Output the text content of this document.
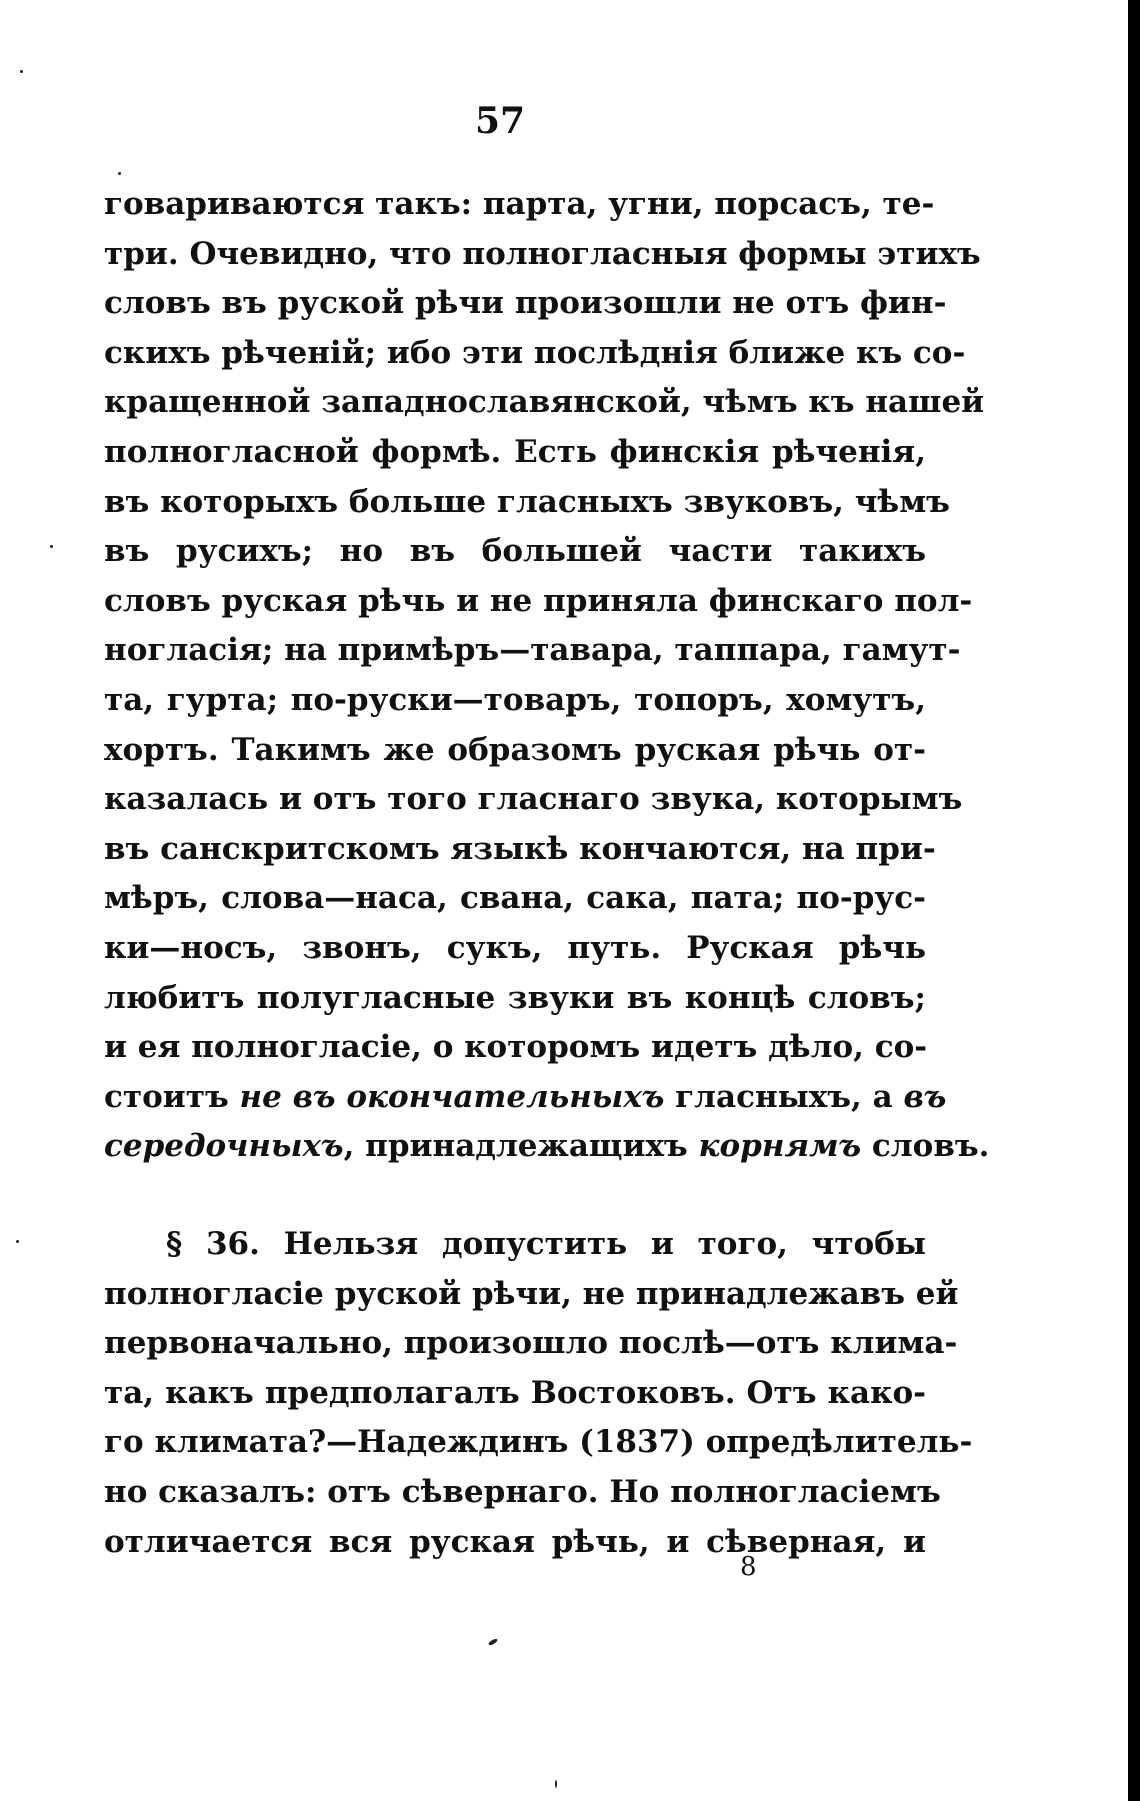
57
говариваются такъ: парта, угни, порсасъ, те-
три. Очевидно, что полногласныя формы этихъ
словъ въ руской рѣчи произошли не отъ фин-
скихъ рѣченій; ибо эти послѣднія ближе къ со-
кращенной западнославянской, чѣмъ къ нашей
полногласной формѣ. Есть финскія рѣченія,
въ которыхъ больше гласныхъ звуковъ, чѣмъ
въ русихъ; но въ большей части такихъ
словъ руская рѣчь и не приняла финскаго пол-
ногласія; на примѣръ—тавара, таппара, гамут-
та, гурта; по-руски—товаръ, топоръ, хомутъ,
хортъ. Такимъ же образомъ руская рѣчь от-
казалась и отъ того гласнаго звука, которымъ
въ санскритскомъ языкѣ кончаются, на при-
мѣръ, слова—наса, свана, сака, пата; по-рус-
ки—носъ, звонъ, сукъ, путь. Руская рѣчь
любитъ полугласные звуки въ концѣ словъ;
и ея полногласіе, о которомъ идетъ дѣло, со-
стоитъ не въ окончательныхъ гласныхъ, а въ
середочныхъ, принадлежащихъ корнямъ словъ.
§ 36. Нельзя допустить и того, чтобы
полногласіе руской рѣчи, не принадлежавъ ей
первоначально, произошло послѣ—отъ клима-
та, какъ предполагалъ Востоковъ. Отъ како-
го климата?—Надеждинъ (1837) опредѣлитель-
но сказалъ: отъ сѣвернаго. Но полногласіемъ
отличается вся руская рѣчь, и сѣверная, и
8
